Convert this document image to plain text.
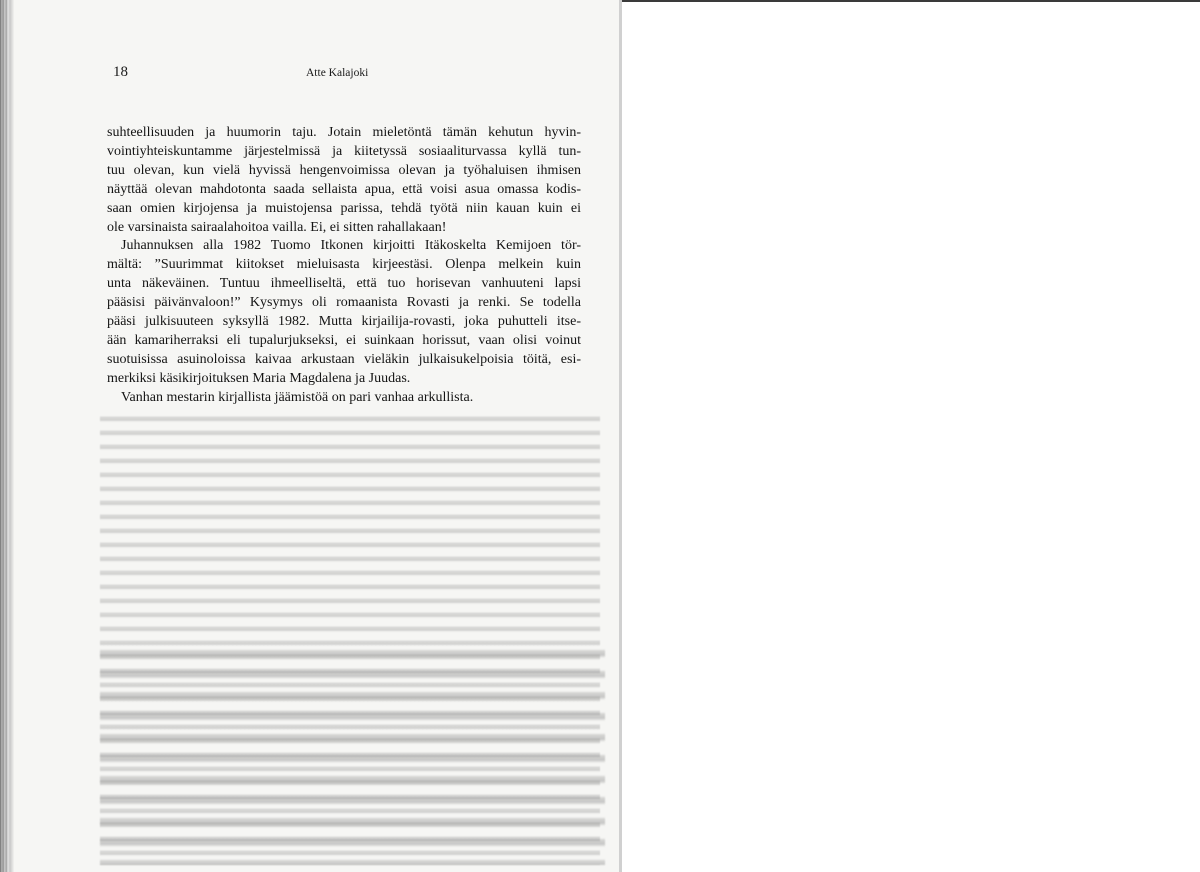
18	Atte Kalajoki
suhteellisuuden ja huumorin taju. Jotain mieletöntä tämän kehutun hyvin-
vointiyhteiskuntamme järjestelmissä ja kiitetyssä sosiaaliturvassa kyllä tun-
tuu olevan, kun vielä hyvissä hengenvoimissa olevan ja työhaluisen ihmisen
näyttää olevan mahdotonta saada sellaista apua, että voisi asua omassa kodis-
saan omien kirjojensa ja muistojensa parissa, tehdä työtä niin kauan kuin ei
ole varsinaista sairaalahoitoa vailla. Ei, ei sitten rahallakaan!
Juhannuksen alla 1982 Tuomo Itkonen kirjoitti Itäkoskelta Kemijoen tör-
mältä: ”Suurimmat kiitokset mieluisasta kirjeestäsi. Olenpa melkein kuin
unta näkeväinen. Tuntuu ihmeelliseltä, että tuo horisevan vanhuuteni lapsi
pääsisi päivänvaloon!” Kysymys oli romaanista Rovasti ja renki. Se todella
pääsi julkisuuteen syksyllä 1982. Mutta kirjailija-rovasti, joka puhutteli itse-
ään kamariherraksi eli tupalurjukseksi, ei suinkaan horissut, vaan olisi voinut
suotuisissa asuinoloissa kaivaa arkustaan vieläkin julkaisukelpoisia töitä, esi-
merkiksi käsikirjoituksen Maria Magdalena ja Juudas.
Vanhan mestarin kirjallista jäämistöä on pari vanhaa arkullista.
